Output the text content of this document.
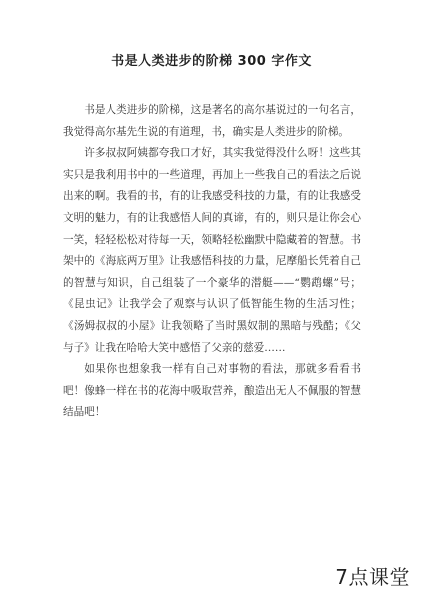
书是人类进步的阶梯 300 字作文

书是人类进步的阶梯，这是著名的高尔基说过的一句名言，我觉得高尔基先生说的有道理，书，确实是人类进步的阶梯。

许多叔叔阿姨都夸我口才好，其实我觉得没什么呀！这些其实只是我利用书中的一些道理，再加上一些我自己的看法之后说出来的啊。我看的书，有的让我感受科技的力量，有的让我感受文明的魅力，有的让我感悟人间的真谛，有的，则只是让你会心一笑，轻轻松松对待每一天，领略轻松幽默中隐藏着的智慧。书架中的《海底两万里》让我感悟科技的力量，尼摩船长凭着自己的智慧与知识，自己组装了一个豪华的潜艇——“鹦鹉螺”号；《昆虫记》让我学会了观察与认识了低智能生物的生活习性；《汤姆叔叔的小屋》让我领略了当时黑奴制的黑暗与残酷；《父与子》让我在哈哈大笑中感悟了父亲的慈爱……

如果你也想象我一样有自己对事物的看法，那就多看看书吧！像蜂一样在书的花海中吸取营养，酿造出无人不佩服的智慧结晶吧！

7点课堂
